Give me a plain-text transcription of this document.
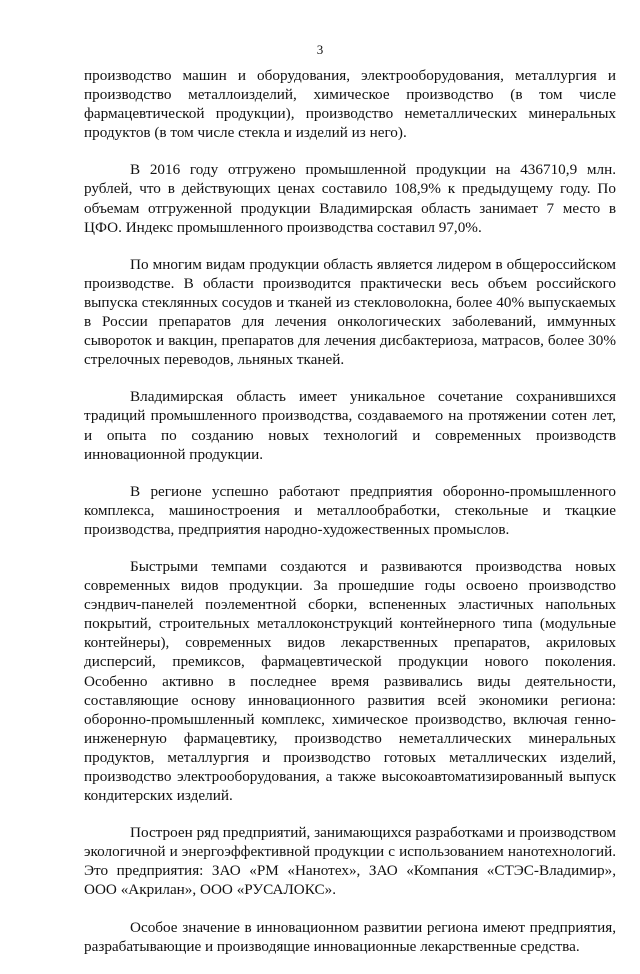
3

производство машин и оборудования, электрооборудования, металлургия и производство металлоизделий, химическое производство (в том числе фармацевтической продукции), производство неметаллических минеральных продуктов (в том числе стекла и изделий из него).

В 2016 году отгружено промышленной продукции на 436710,9 млн. рублей, что в действующих ценах составило 108,9% к предыдущему году. По объемам отгруженной продукции Владимирская область занимает 7 место в ЦФО. Индекс промышленного производства составил 97,0%.

По многим видам продукции область является лидером в общероссийском производстве. В области производится практически весь объем российского выпуска стеклянных сосудов и тканей из стекловолокна, более 40% выпускаемых в России препаратов для лечения онкологических заболеваний, иммунных сывороток и вакцин, препаратов для лечения дисбактериоза, матрасов, более 30% стрелочных переводов, льняных тканей.

Владимирская область имеет уникальное сочетание сохранившихся традиций промышленного производства, создаваемого на протяжении сотен лет, и опыта по созданию новых технологий и современных производств инновационной продукции.

В регионе успешно работают предприятия оборонно-промышленного комплекса, машиностроения и металлообработки, стекольные и ткацкие производства, предприятия народно-художественных промыслов.

Быстрыми темпами создаются и развиваются производства новых современных видов продукции. За прошедшие годы освоено производство сэндвич-панелей поэлементной сборки, вспененных эластичных напольных покрытий, строительных металлоконструкций контейнерного типа (модульные контейнеры), современных видов лекарственных препаратов, акриловых дисперсий, премиксов, фармацевтической продукции нового поколения. Особенно активно в последнее время развивались виды деятельности, составляющие основу инновационного развития всей экономики региона: оборонно-промышленный комплекс, химическое производство, включая генно-инженерную фармацевтику, производство неметаллических минеральных продуктов, металлургия и производство готовых металлических изделий, производство электрооборудования, а также высокоавтоматизированный выпуск кондитерских изделий.

Построен ряд предприятий, занимающихся разработками и производством экологичной и энергоэффективной продукции с использованием нанотехнологий. Это предприятия: ЗАО «РМ «Нанотех», ЗАО «Компания «СТЭС-Владимир», ООО «Акрилан», ООО «РУСАЛОКС».

Особое значение в инновационном развитии региона имеют предприятия, разрабатывающие и производящие инновационные лекарственные средства.
